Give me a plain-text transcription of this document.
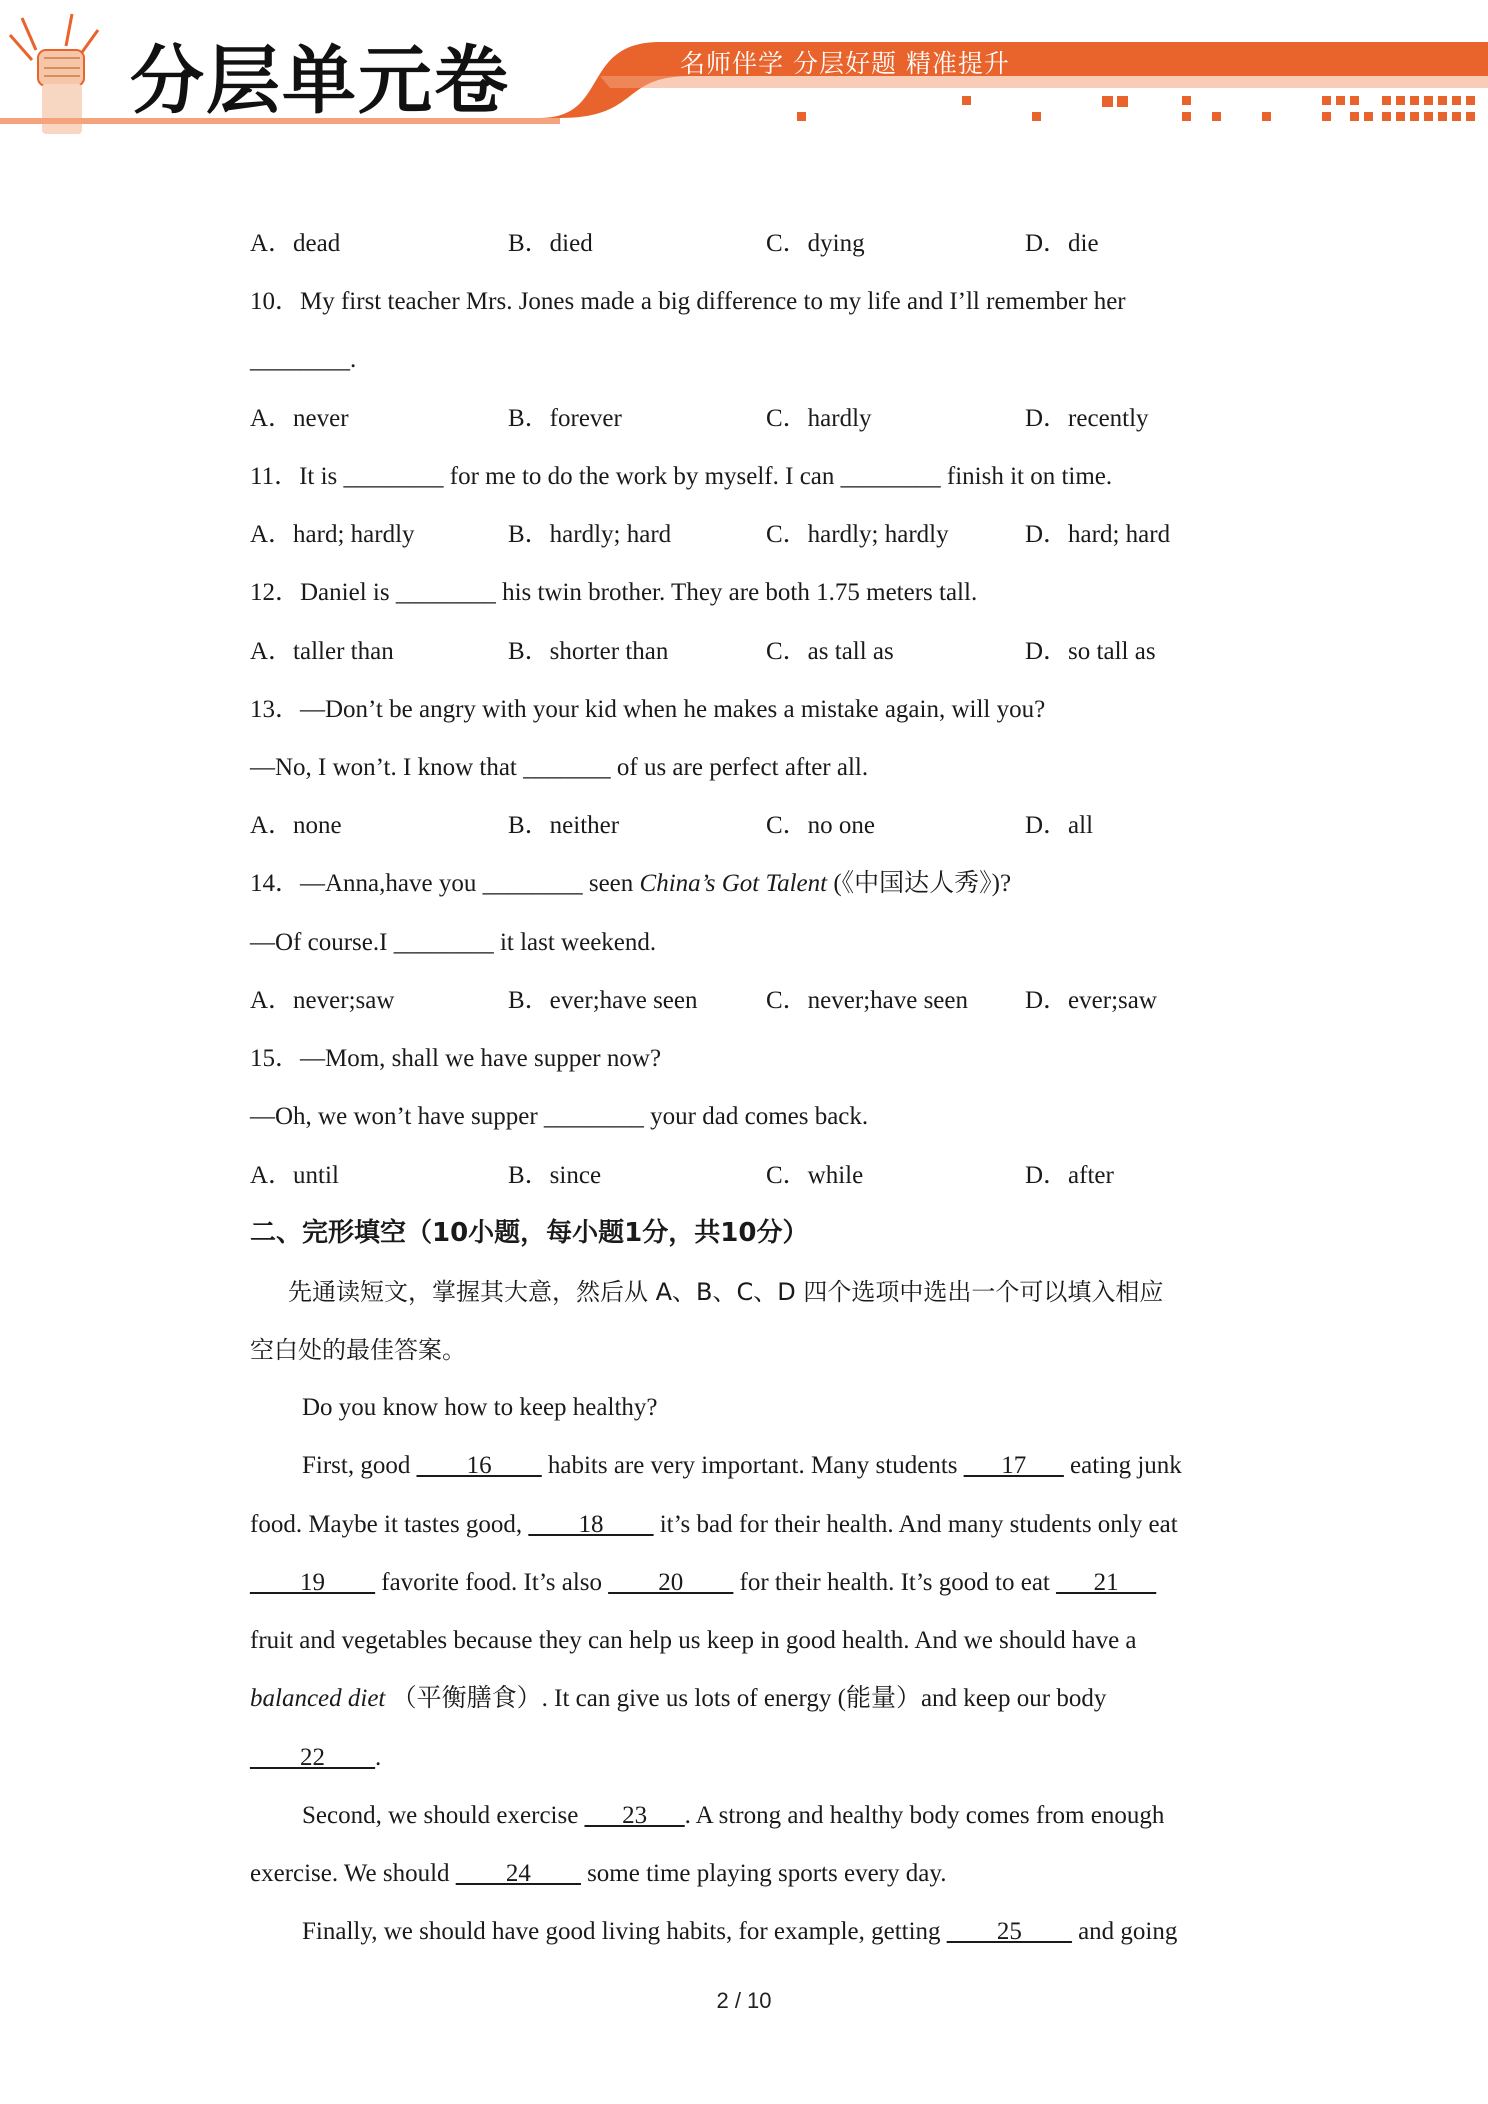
分层单元卷	名师伴学 分层好题 精准提升
A．dead	B．died	C．dying	D．die
10．My first teacher Mrs. Jones made a big difference to my life and I’ll remember her
________.
A．never	B．forever	C．hardly	D．recently
11．It is ________ for me to do the work by myself. I can ________ finish it on time.
A．hard; hardly	B．hardly; hard	C．hardly; hardly	D．hard; hard
12．Daniel is ________ his twin brother. They are both 1.75 meters tall.
A．taller than	B．shorter than	C．as tall as	D．so tall as
13．—Don’t be angry with your kid when he makes a mistake again, will you?
—No, I won’t. I know that _______ of us are perfect after all.
A．none	B．neither	C．no one	D．all
14．—Anna,have you ________ seen China’s Got Talent (《中国达人秀》)?
—Of course.I ________ it last weekend.
A．never;saw	B．ever;have seen	C．never;have seen D．ever;saw
15．—Mom, shall we have supper now?
—Oh, we won’t have supper ________ your dad comes back.
A．until	B．since	C．while	D．after
二、完形填空（10小题，每小题1分，共10分）
先通读短文，掌握其大意，然后从 A、B、C、D 四个选项中选出一个可以填入相应
空白处的最佳答案。
Do you know how to keep healthy?
First, good ____16____ habits are very important. Many students ___17___ eating junk
food. Maybe it tastes good, ____18____ it’s bad for their health. And many students only eat
____19____ favorite food. It’s also ____20____ for their health. It’s good to eat ___21___
fruit and vegetables because they can help us keep in good health. And we should have a
balanced diet （平衡膳食）. It can give us lots of energy (能量）and keep our body
____22____.
Second, we should exercise ___23___. A strong and healthy body comes from enough
exercise. We should ____24____ some time playing sports every day.
Finally, we should have good living habits, for example, getting ____25____ and going
2 / 10
